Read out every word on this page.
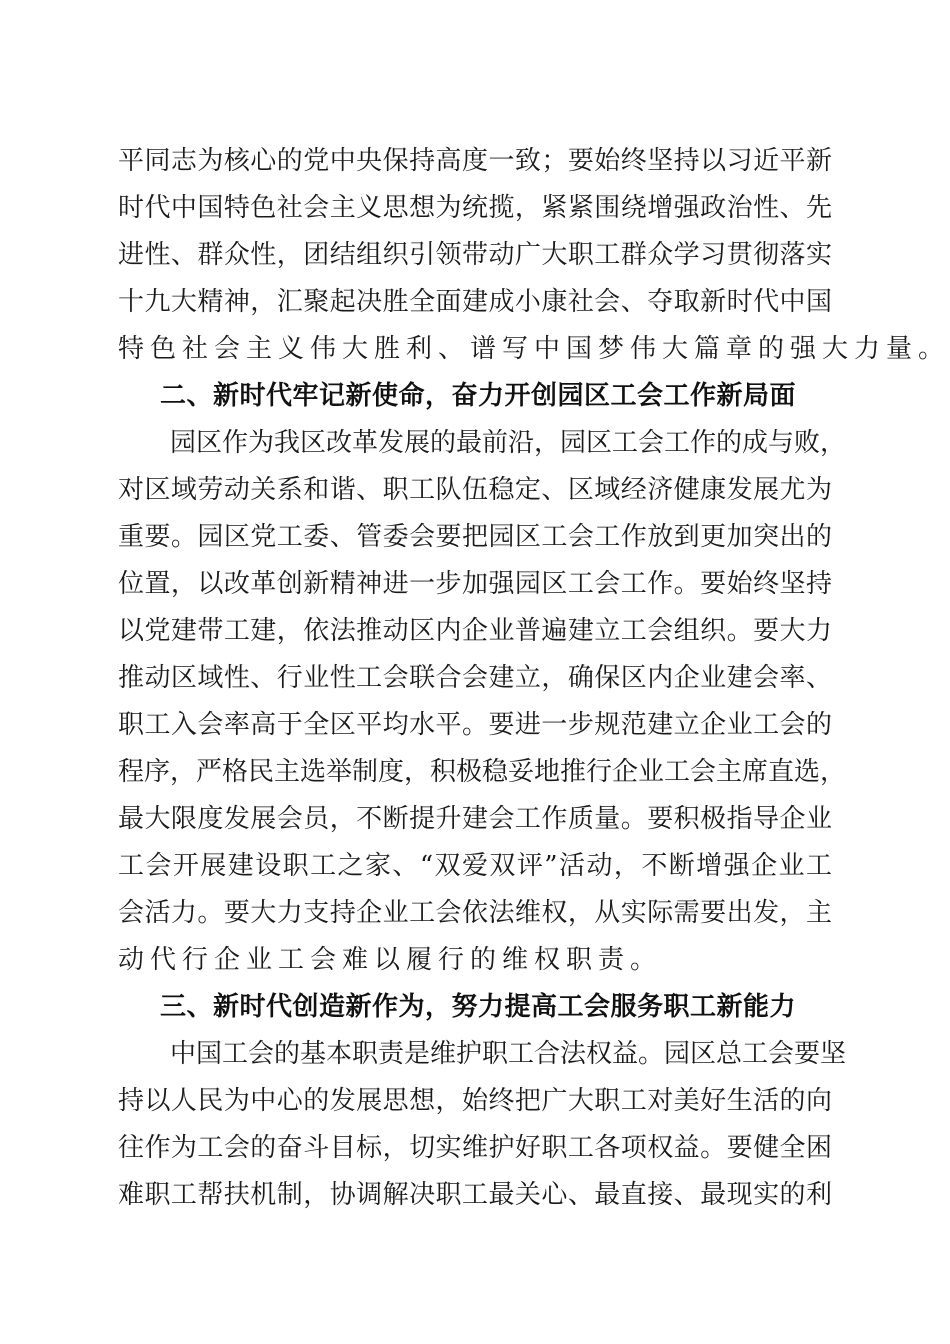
平同志为核心的党中央保持高度一致；要始终坚持以习近平新
时代中国特色社会主义思想为统揽，紧紧围绕增强政治性、先
进性、群众性，团结组织引领带动广大职工群众学习贯彻落实
十九大精神，汇聚起决胜全面建成小康社会、夺取新时代中国
特色社会主义伟大胜利、谱写中国梦伟大篇章的强大力量。
二、新时代牢记新使命，奋力开创园区工会工作新局面
园区作为我区改革发展的最前沿，园区工会工作的成与败，
对区域劳动关系和谐、职工队伍稳定、区域经济健康发展尤为
重要。园区党工委、管委会要把园区工会工作放到更加突出的
位置，以改革创新精神进一步加强园区工会工作。要始终坚持
以党建带工建，依法推动区内企业普遍建立工会组织。要大力
推动区域性、行业性工会联合会建立，确保区内企业建会率、
职工入会率高于全区平均水平。要进一步规范建立企业工会的
程序，严格民主选举制度，积极稳妥地推行企业工会主席直选，
最大限度发展会员，不断提升建会工作质量。要积极指导企业
工会开展建设职工之家、“双爱双评”活动，不断增强企业工
会活力。要大力支持企业工会依法维权，从实际需要出发，主
动代行企业工会难以履行的维权职责。
三、新时代创造新作为，努力提高工会服务职工新能力
中国工会的基本职责是维护职工合法权益。园区总工会要坚
持以人民为中心的发展思想，始终把广大职工对美好生活的向
往作为工会的奋斗目标，切实维护好职工各项权益。要健全困
难职工帮扶机制，协调解决职工最关心、最直接、最现实的利
